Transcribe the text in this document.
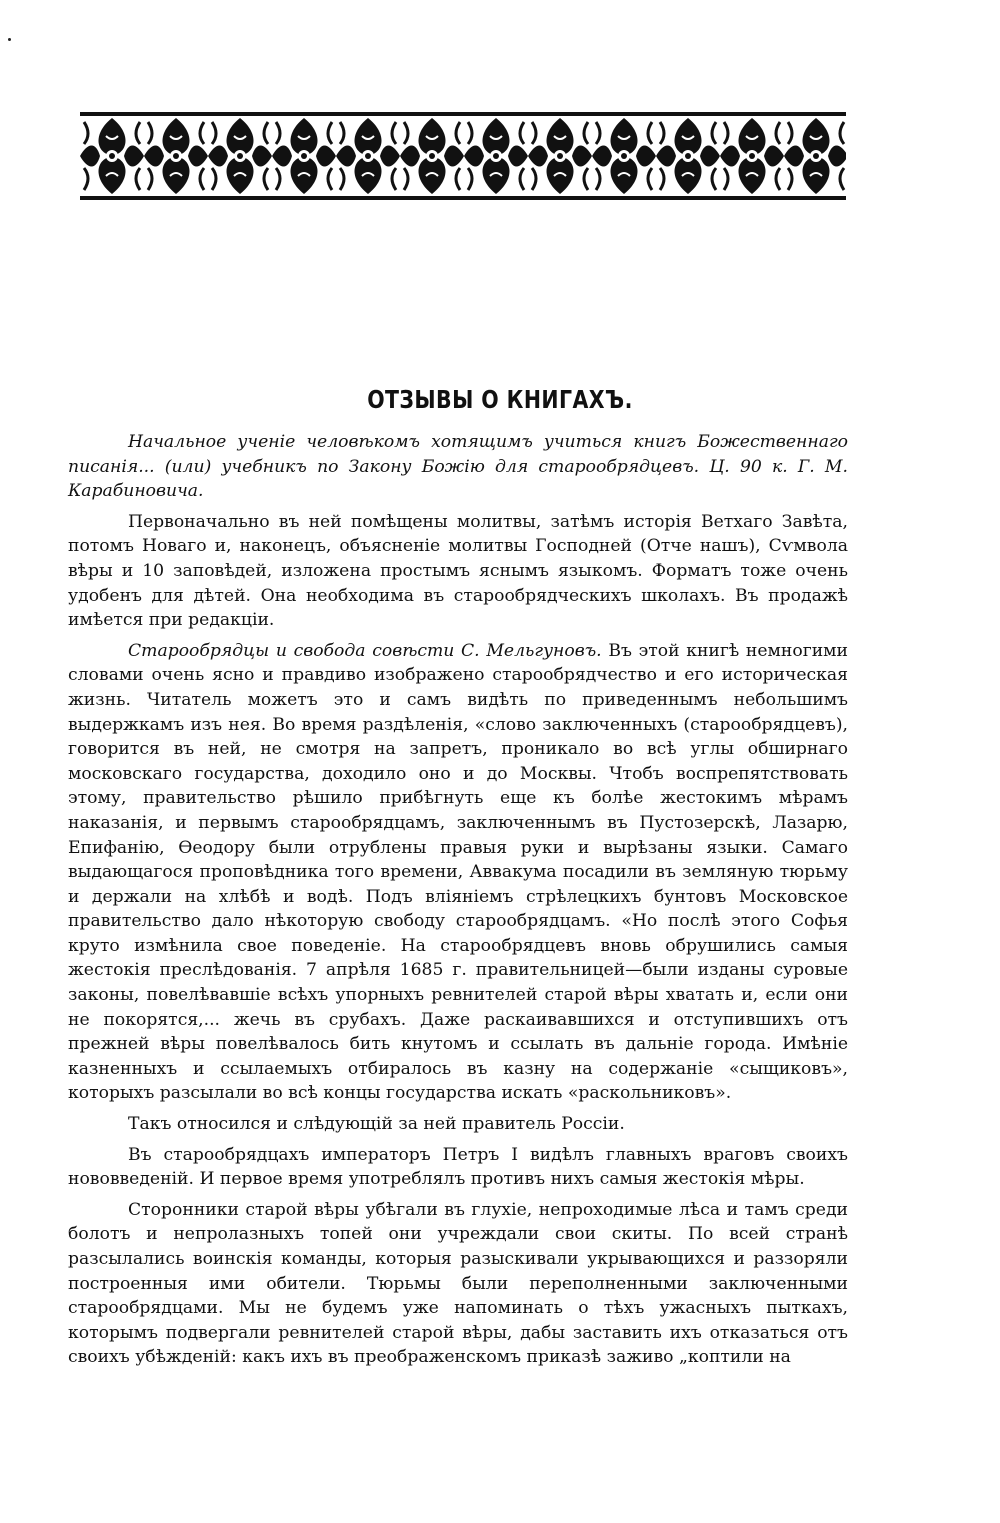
ОТЗЫВЫ О КНИГАХЪ.

Начальное ученіе человѣкомъ хотящимъ учиться книгъ Божественнаго писанія... (или) учебникъ по Закону Божію для старообрядцевъ. Ц. 90 к. Г. М. Карабиновича.

Первоначально въ ней помѣщены молитвы, затѣмъ исторія Ветхаго Завѣта, потомъ Новаго и, наконецъ, объясненіе молитвы Господней (Отче нашъ), Сѵмвола вѣры и 10 заповѣдей, изложена простымъ яснымъ языкомъ. Форматъ тоже очень удобенъ для дѣтей. Она необходима въ старообрядческихъ школахъ. Въ продажѣ имѣется при редакціи.

Старообрядцы и свобода совѣсти С. Мельгуновъ. Въ этой книгѣ немногими словами очень ясно и правдиво изображено старообрядчество и его историческая жизнь. Читатель можетъ это и самъ видѣть по приведеннымъ небольшимъ выдержкамъ изъ нея. Во время раздѣленія, «слово заключенныхъ (старообрядцевъ), говорится въ ней, не смотря на запретъ, проникало во всѣ углы обширнаго московскаго государства, доходило оно и до Москвы. Чтобъ воспрепятствовать этому, правительство рѣшило прибѣгнуть еще къ болѣе жестокимъ мѣрамъ наказанія, и первымъ старообрядцамъ, заключеннымъ въ Пустозерскѣ, Лазарю, Епифанію, Ѳеодору были отрублены правыя руки и вырѣзаны языки. Самаго выдающагося проповѣдника того времени, Аввакума посадили въ земляную тюрьму и держали на хлѣбѣ и водѣ. Подъ вліяніемъ стрѣлецкихъ бунтовъ Московское правительство дало нѣкоторую свободу старообрядцамъ. «Но послѣ этого Софья круто измѣнила свое поведеніе. На старообрядцевъ вновь обрушились самыя жестокія преслѣдованія. 7 апрѣля 1685 г. правительницей—были изданы суровые законы, повелѣвавшіе всѣхъ упорныхъ ревнителей старой вѣры хватать и, если они не покорятся,... жечь въ срубахъ. Даже раскаивавшихся и отступившихъ отъ прежней вѣры повелѣвалось бить кнутомъ и ссылать въ дальніе города. Имѣніе казненныхъ и ссылаемыхъ отбиралось въ казну на содержаніе «сыщиковъ», которыхъ разсылали во всѣ концы государства искать «раскольниковъ».

Такъ относился и слѣдующій за ней правитель Россіи.

Въ старообрядцахъ императоръ Петръ I видѣлъ главныхъ враговъ своихъ нововведеній. И первое время употреблялъ противъ нихъ самыя жестокія мѣры.

Сторонники старой вѣры убѣгали въ глухіе, непроходимые лѣса и тамъ среди болотъ и непролазныхъ топей они учреждали свои скиты. По всей странѣ разсылались воинскія команды, которыя разыскивали укрывающихся и раззоряли построенныя ими обители. Тюрьмы были переполненными заключенными старообрядцами. Мы не будемъ уже напоминать о тѣхъ ужасныхъ пыткахъ, которымъ подвергали ревнителей старой вѣры, дабы заставить ихъ отказаться отъ своихъ убѣжденій: какъ ихъ въ преображенскомъ приказѣ заживо „коптили на
